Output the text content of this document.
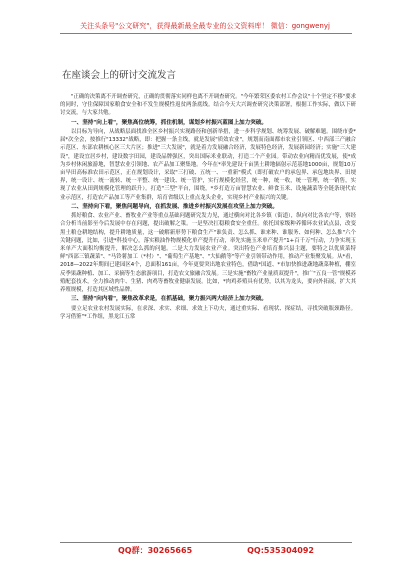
关注头条号"公文研究"，获得最新最全最专业的公文资料库！ 微信：gongwenyj
在座谈会上的研讨交流发言

"正确的决策离不开调查研究，正确的贯彻落实同样也离不开调查研究。"今年繁荣区委农村工作会议"十个坚定不移"要求的同时，守住保障国家粮食安全和不发生规模性返贫两条底线。结合今天大兴调查研究决策部署，根据工作实际，做以下研讨交流，与大家共勉。

一、坚持"向上看"，聚焦高位统筹，抓住机制，谋划乡村振兴蓝图上加力突破。

以目标为导向，从战略层面找准全区乡村振兴实现路径和创新举措，进一步科学规划、统筹发展、破解难题。围绕市委*届*次全会，按推行"13332"战略，即：把握一条主线，就是发展"质效农业"，规划而南面都市农业引领区、中西部三产融合示范区、东部农耕核心区三大片区；推进"三大发展"，就是着力发展融合经济，发展特色经济，发展新园经济；实施"三大建设"，建设宜居乡村，建设数字田园，建设品牌强区，突出国际米业联动，打造二个产业园。带动农业向精而优发展，使*成为乡村休闲旅游地，智慧农业引领地、农产品加工聚集地。今年在*率先建设千亩黑土耕地辐射示范基地1000亩，规划10万亩旱田高标准农田示范区，正在规划设计，采取"三打破、五统一、一重新"模式（即打破农户的承包界、承包地块界、田埂界，统一设计、统一流转、统一平整、统一建设、统一管护，实行规模化经营，统一种，统一收，统一管理，统一销售，实现了农业从田到规模化管理的跃升）。打造"三型"平台，围绕，*乡打造万亩智慧农业、鲜食玉米、设施蔬菜等全链条现代农业示范区，打造农产品加工等产业集群，培育省级以上重点龙头企业，实现乡村产业振兴的关键。

二、坚持向下看，聚焦问题导向，在抓发展、推进乡村振兴发展在攻坚上加力突破。

抓好粮食、农业产业、畜牧业产业等重点基础问题研究发力见，通过横向对比各乡镇（街道），纵向对比各农户等，察经合分析当前影至今后发展中存在问题，提出破解之策。一是坚决扛稳粮食安全重任。依托国家级种养循环农业试点县，改变黑土粮仓耕地结构，提升耕地质量，这一破解新形势下粮食生产"谁负责、怎么抓、谁来种、谁服务、如何种、怎么推"六个关键问题，比如，引进*科技中心，落实粮油作物规模化单产提升行动，率先实施玉米单产提升"1+百千万"行动，力争实现玉米单产大面积均衡提升，解决怎么抓的问题。二是大力发展农业产业。突出特色产业培育推兴县主题，要特之以优质菜特鲜"西部三镇蔬菜"、"马铃薯加工（*村）"、"葡萄生产基地"、"大仙鹅等"等产业引领带动作用，推动产业集聚发展。从*看，2018—2022年期间已建园区4个，总面积161亩，今年更要突出地农业特色，借助*国道、*市加快推进蔬地蔬菜种植，棚室反季果蔬种植、加工、采摘等生态旅游项目，打造农文旅融合发展。三是实施"畜牧产业量质双提升"，推广"五良一管"规模养殖配套技术，全力推动肉牛、生猪、肉鸡等畜牧业健康发展。比如，*肉鸡养殖具有优势，以其为龙头，要向外拓展，扩大其养殖规模，打造其区域性品牌。

三、坚持"向内看"，聚焦改革求是，在抓基础，聚力振兴两大经济上加力突破。

要立足农业农村发展实际，在求深、求实、求细、求效上下功夫，通过重实际、看现状、探症结，寻找突破瓶颈路径。学习借鉴"*工作组，黑龙江五常

QQ群：30265665	QQ:535304092
